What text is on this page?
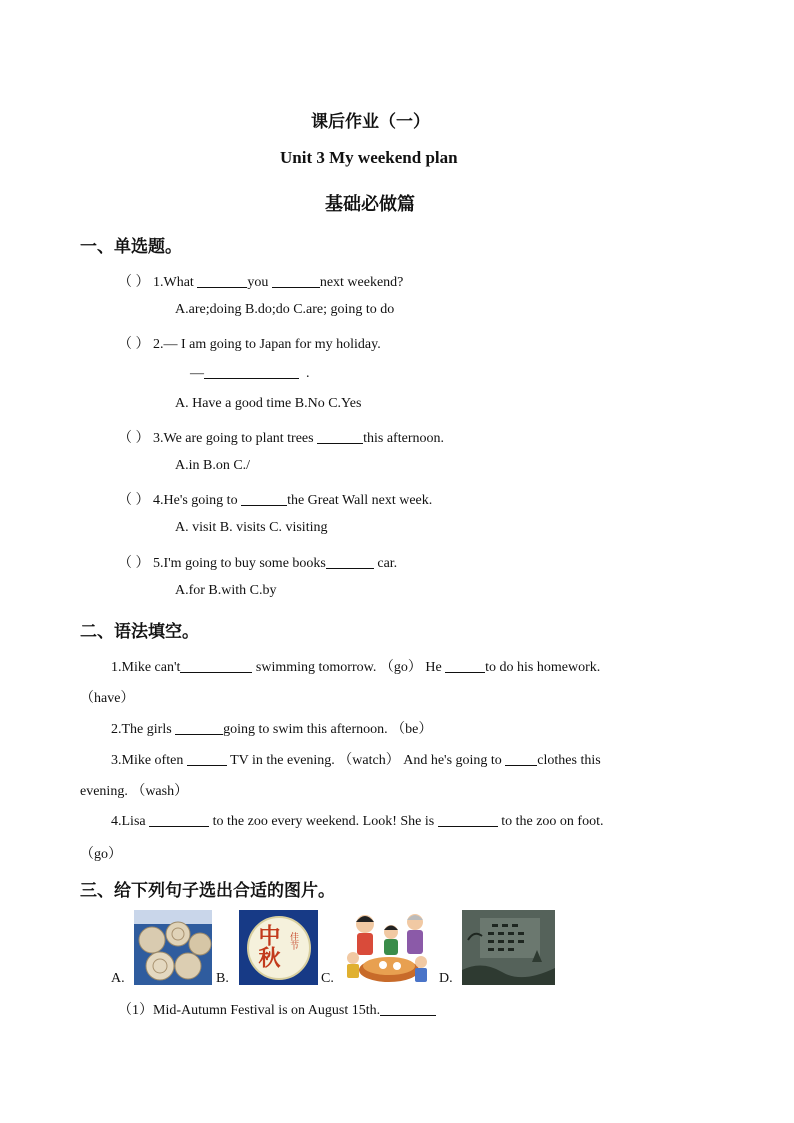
课后作业（一）
Unit 3 My weekend plan
基础必做篇
一、单选题。
（ ） 1.What	you	next weekend?
A.are;doing B.do;do C.are; going to do
（ ） 2.— I am going to Japan for my holiday.
—	.
A. Have a good time B.No C.Yes
（ ） 3.We are going to plant trees	this afternoon.
A.in B.on C./
（ ） 4.He's going to	the Great Wall next week.
A. visit B. visits C. visiting
（ ） 5.I'm going to buy some books	car.
A.for B.with C.by
二、语法填空。
1.Mike can't	swimming tomorrow. （go） He	to do his homework.
（have）
2.The girls	going to swim this afternoon. （be）
3.Mike often	TV in the evening. （watch） And he's going to clothes this
evening. （wash）
4.Lisa	to the zoo every weekend. Look! She is	to the zoo on foot.
（go）
三、给下列句子选出合适的图片。
A.	B.	C.	D.
中秋 佳节
（1）Mid-Autumn Festival is on August 15th.
